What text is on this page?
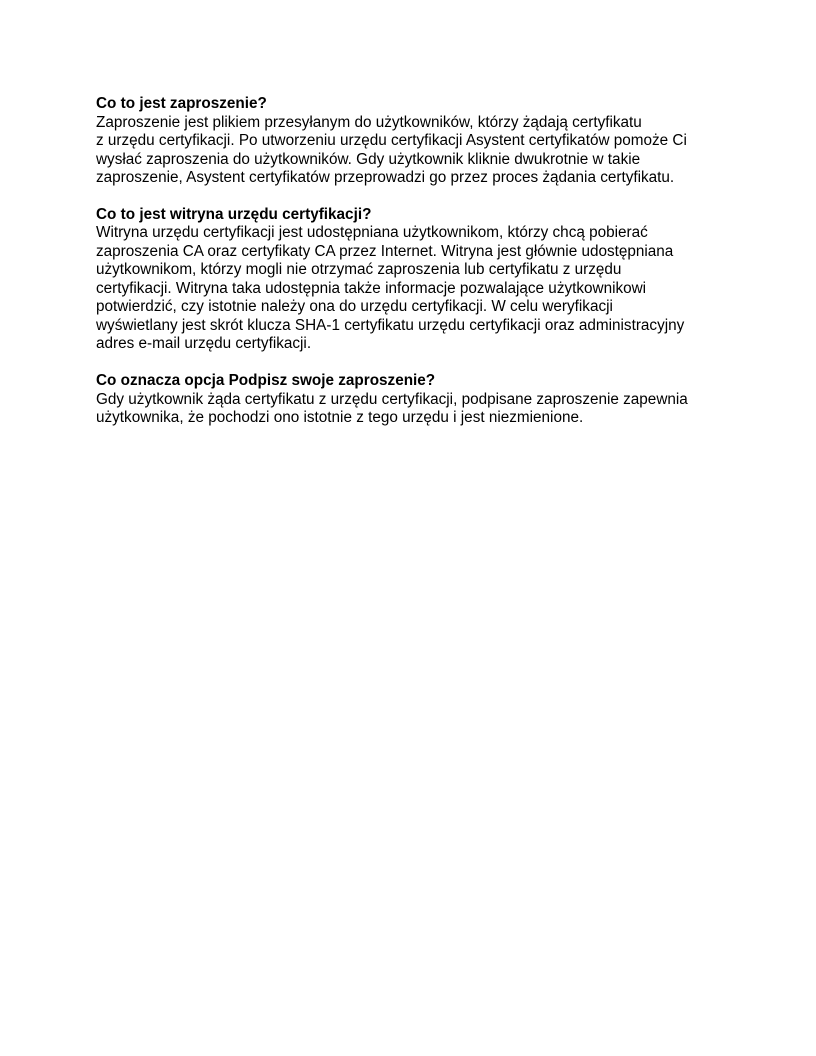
Co to jest zaproszenie?

Zaproszenie jest plikiem przesyłanym do użytkowników, którzy żądają certyfikatu
z urzędu certyfikacji. Po utworzeniu urzędu certyfikacji Asystent certyfikatów pomoże Ci
wysłać zaproszenia do użytkowników. Gdy użytkownik kliknie dwukrotnie w takie
zaproszenie, Asystent certyfikatów przeprowadzi go przez proces żądania certyfikatu.

Co to jest witryna urzędu certyfikacji?

Witryna urzędu certyfikacji jest udostępniana użytkownikom, którzy chcą pobierać
zaproszenia CA oraz certyfikaty CA przez Internet. Witryna jest głównie udostępniana
użytkownikom, którzy mogli nie otrzymać zaproszenia lub certyfikatu z urzędu
certyfikacji. Witryna taka udostępnia także informacje pozwalające użytkownikowi
potwierdzić, czy istotnie należy ona do urzędu certyfikacji. W celu weryfikacji
wyświetlany jest skrót klucza SHA-1 certyfikatu urzędu certyfikacji oraz administracyjny
adres e-mail urzędu certyfikacji.

Co oznacza opcja Podpisz swoje zaproszenie?

Gdy użytkownik żąda certyfikatu z urzędu certyfikacji, podpisane zaproszenie zapewnia
użytkownika, że pochodzi ono istotnie z tego urzędu i jest niezmienione.
